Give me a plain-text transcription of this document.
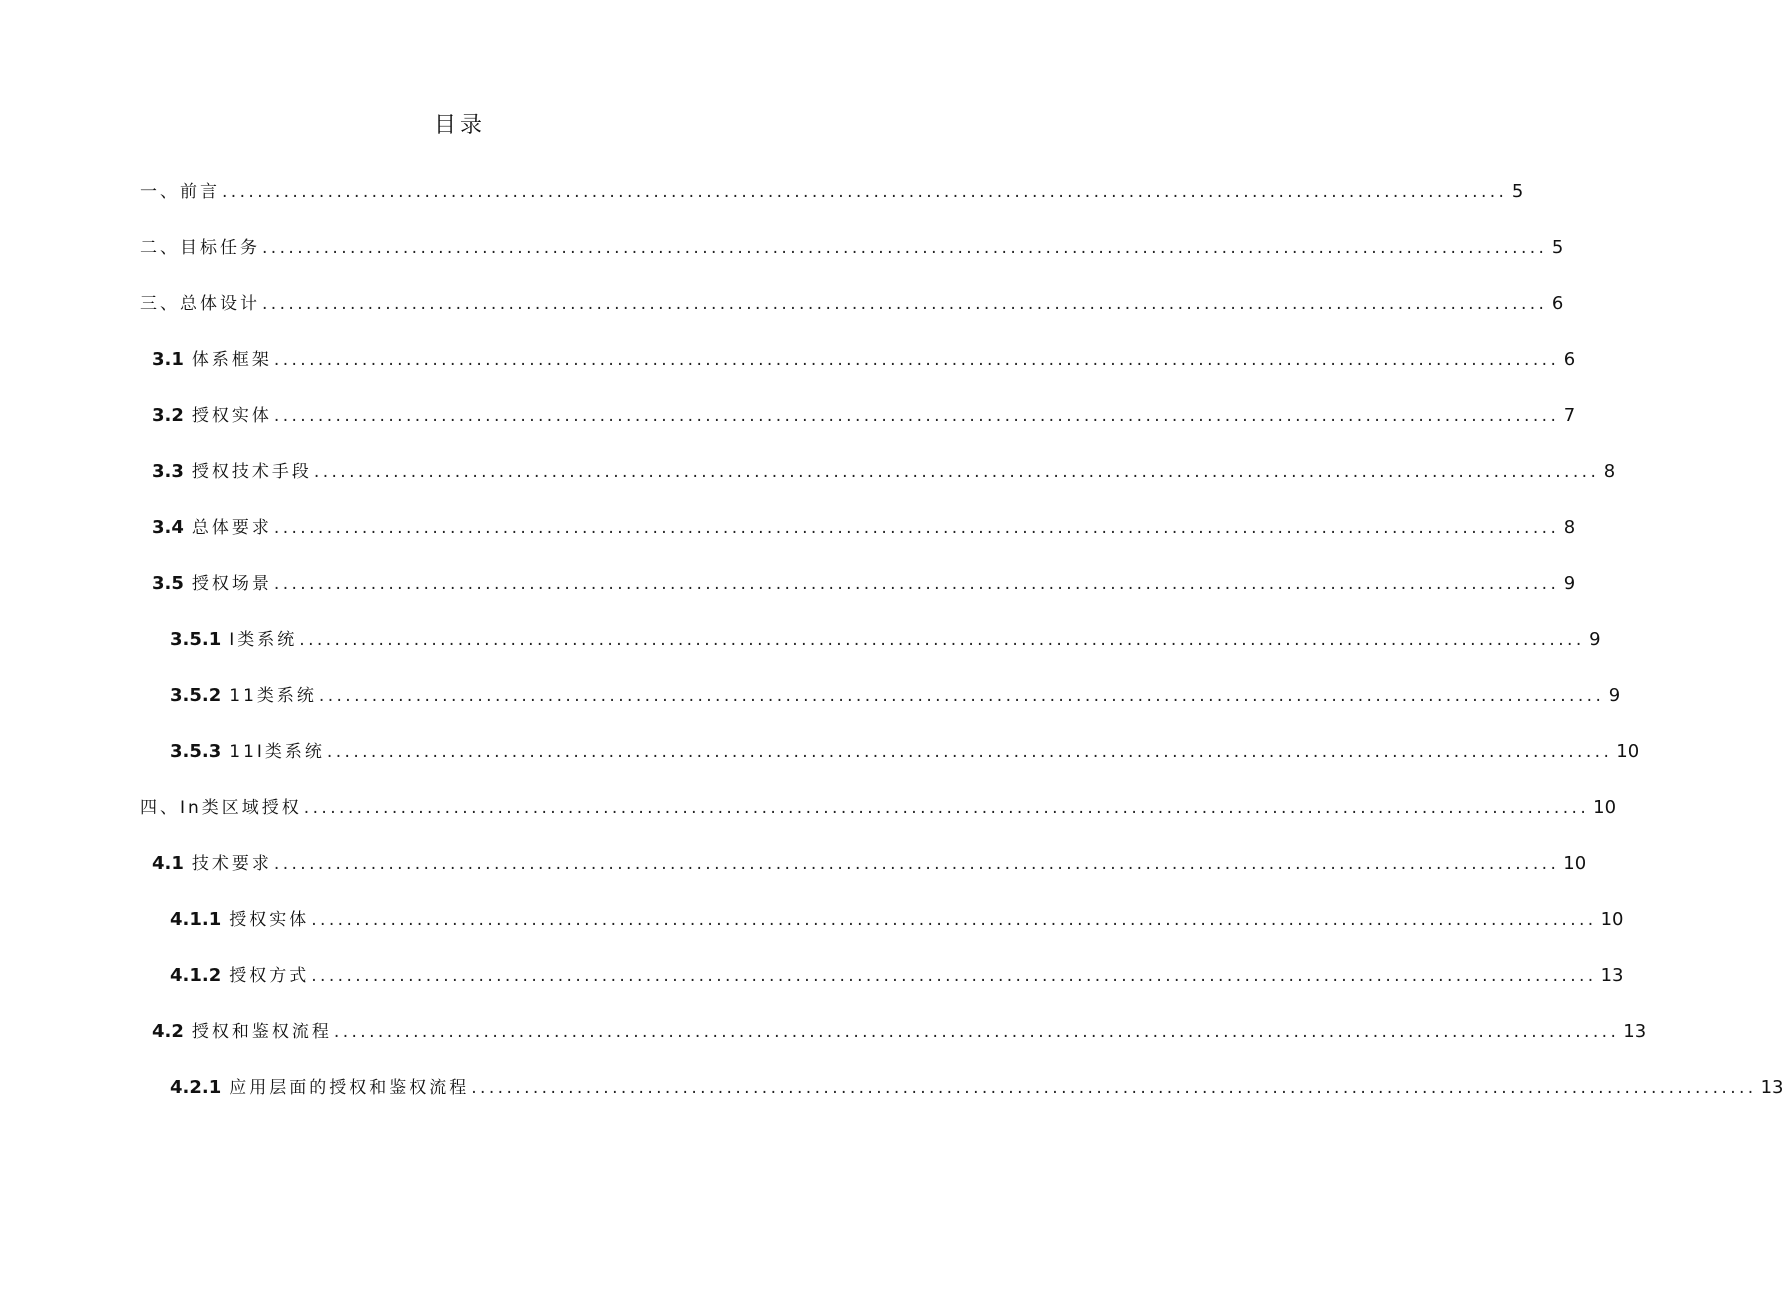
目录
一、前言 .................................................................................................................................................. 5
二、目标任务 .................................................................................................................................................. 5
三、总体设计 .................................................................................................................................................. 6
3.1 体系框架 .................................................................................................................................................. 6
3.2 授权实体 .................................................................................................................................................. 7
3.3 授权技术手段 .................................................................................................................................................. 8
3.4 总体要求 .................................................................................................................................................. 8
3.5 授权场景 .................................................................................................................................................. 9
3.5.1 I类系统 .................................................................................................................................................. 9
3.5.2 11类系统 .................................................................................................................................................. 9
3.5.3 11I类系统 .................................................................................................................................................. 10
四、In类区域授权 .................................................................................................................................................. 10
4.1 技术要求 .................................................................................................................................................. 10
4.1.1 授权实体 .................................................................................................................................................. 10
4.1.2 授权方式 .................................................................................................................................................. 13
4.2 授权和鉴权流程 .................................................................................................................................................. 13
4.2.1 应用层面的授权和鉴权流程 .................................................................................................................................................. 13
